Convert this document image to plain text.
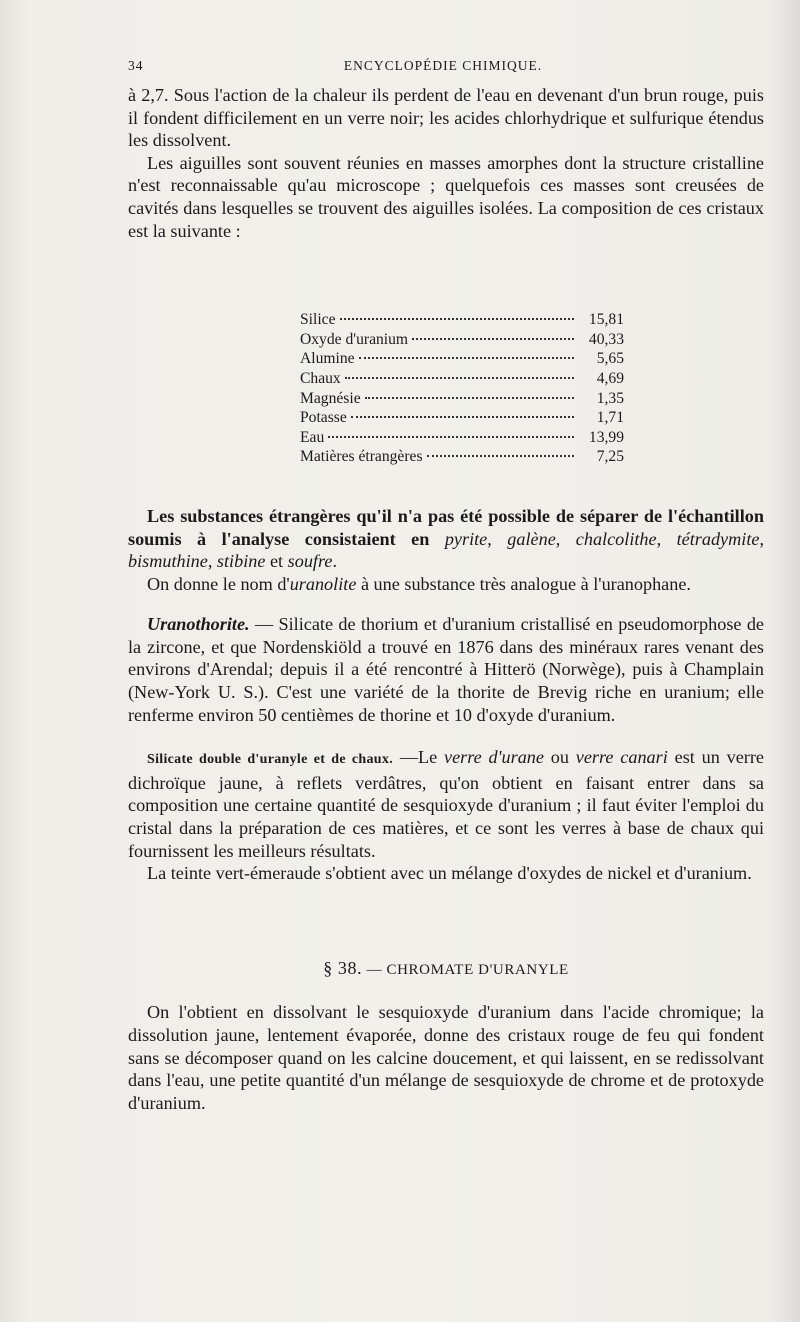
34	ENCYCLOPÉDIE CHIMIQUE.

à 2,7. Sous l'action de la chaleur ils perdent de l'eau en devenant d'un brun rouge, puis il fondent difficilement en un verre noir; les acides chlorhydrique et sulfurique étendus les dissolvent.

Les aiguilles sont souvent réunies en masses amorphes dont la structure cristalline n'est reconnaissable qu'au microscope ; quelquefois ces masses sont creusées de cavités dans lesquelles se trouvent des aiguilles isolées. La composition de ces cristaux est la suivante :

Silice	15,81
Oxyde d'uranium	40,33
Alumine	5,65
Chaux	4,69
Magnésie	1,35
Potasse	1,71
Eau	13,99
Matières étrangères	7,25

Les substances étrangères qu'il n'a pas été possible de séparer de l'échantillon soumis à l'analyse consistaient en pyrite, galène, chalcolithe, tétradymite, bismuthine, stibine et soufre.

On donne le nom d'uranolite à une substance très analogue à l'uranophane.

Uranothorite. — Silicate de thorium et d'uranium cristallisé en pseudomorphose de la zircone, et que Nordenskiöld a trouvé en 1876 dans des minéraux rares venant des environs d'Arendal; depuis il a été rencontré à Hitterö (Norwège), puis à Champlain (New-York U. S.). C'est une variété de la thorite de Brevig riche en uranium; elle renferme environ 50 centièmes de thorine et 10 d'oxyde d'uranium.

Silicate double d'uranyle et de chaux. —Le verre d'urane ou verre canari est un verre dichroïque jaune, à reflets verdâtres, qu'on obtient en faisant entrer dans sa composition une certaine quantité de sesquioxyde d'uranium ; il faut éviter l'emploi du cristal dans la préparation de ces matières, et ce sont les verres à base de chaux qui fournissent les meilleurs résultats.

La teinte vert-émeraude s'obtient avec un mélange d'oxydes de nickel et d'uranium.

§ 38. — CHROMATE D'URANYLE

On l'obtient en dissolvant le sesquioxyde d'uranium dans l'acide chromique; la dissolution jaune, lentement évaporée, donne des cristaux rouge de feu qui fondent sans se décomposer quand on les calcine doucement, et qui laissent, en se redissolvant dans l'eau, une petite quantité d'un mélange de sesquioxyde de chrome et de protoxyde d'uranium.
